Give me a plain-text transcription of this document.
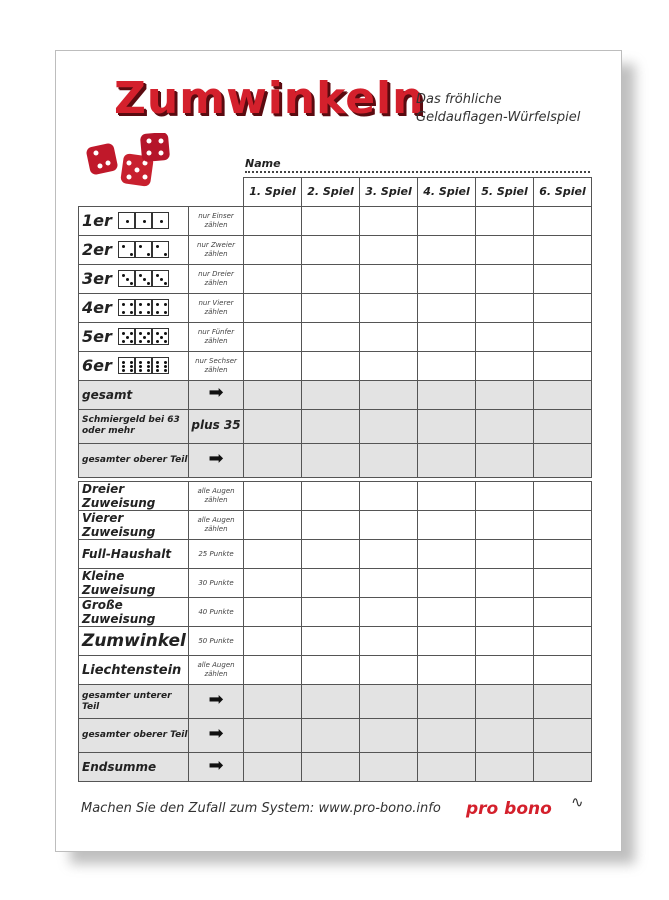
Zumwinkeln
Das fröhliche
Geldauflagen-Würfelspiel
Name
		1. Spiel	2. Spiel	3. Spiel	4. Spiel	5. Spiel	6. Spiel

1er	nur Einser zählen						

2er	nur Zweier zählen						

3er	nur Dreier zählen						

4er	nur Vierer zählen						

5er	nur Fünfer zählen						

6er	nur Sechser zählen						
gesamt	➡						
Schmiergeld bei 63 oder mehr	plus 35						
gesamter oberer Teil	➡						
Dreier Zuweisung	alle Augen zählen						
Vierer Zuweisung	alle Augen zählen						
Full-Haushalt	25 Punkte						
Kleine Zuweisung	30 Punkte						
Große Zuweisung	40 Punkte						
Zumwinkel	50 Punkte						
Liechtenstein	alle Augen zählen						
gesamter unterer Teil	➡						
gesamter oberer Teil	➡						
Endsumme	➡						
Machen Sie den Zufall zum System: www.pro-bono.info pro bono ∿
